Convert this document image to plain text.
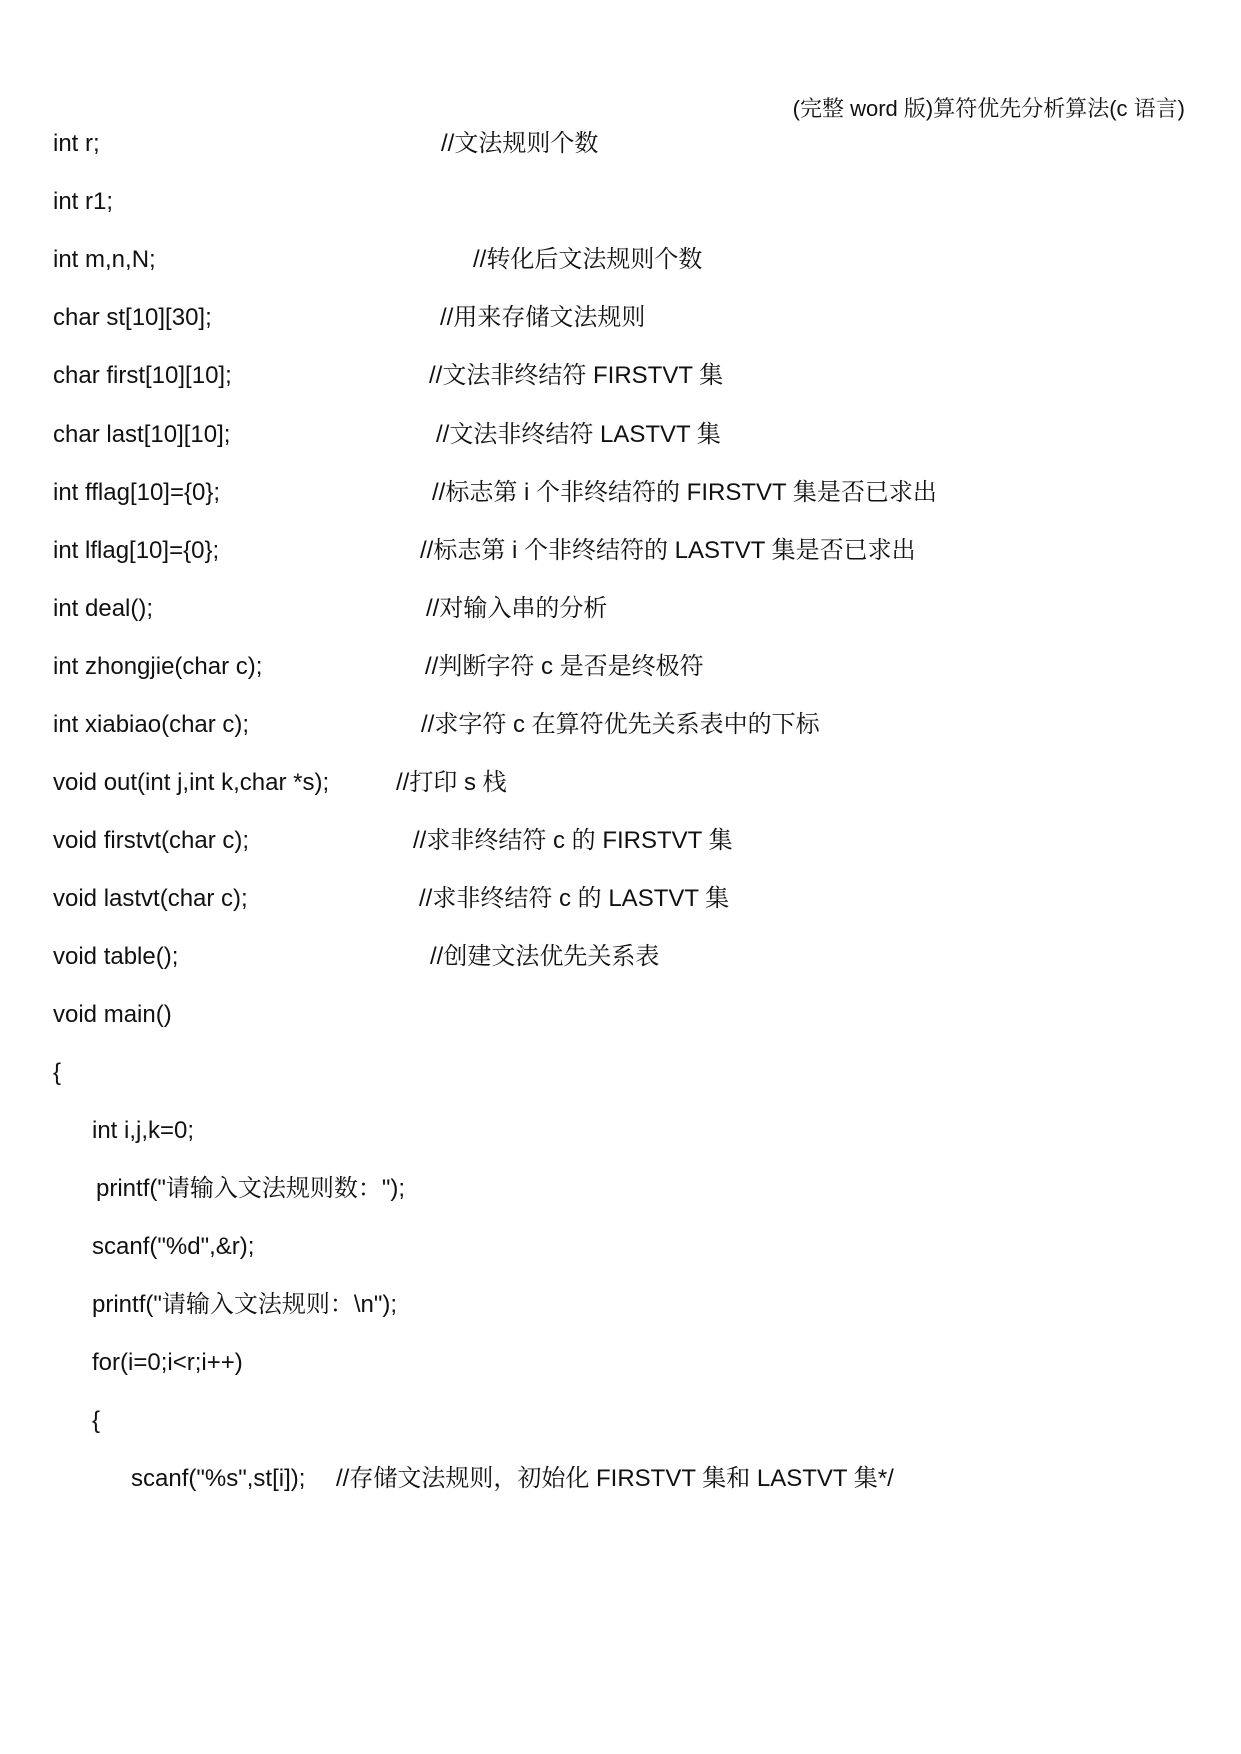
(完整 word 版)算符优先分析算法(c 语言)

int r;

	//文法规则个数

int r1;

int m,n,N;

	//转化后文法规则个数

char st[10][30];

	//用来存储文法规则

char first[10][10];

	//文法非终结符 FIRSTVT 集

char last[10][10];

	//文法非终结符 LASTVT 集

int fflag[10]={0};

	//标志第 i 个非终结符的 FIRSTVT 集是否已求出

int lflag[10]={0};

	//标志第 i 个非终结符的 LASTVT 集是否已求出

int deal();

	//对输入串的分析

int zhongjie(char c);

	//判断字符 c 是否是终极符

int xiabiao(char c);

	//求字符 c 在算符优先关系表中的下标

void out(int j,int k,char *s);

	//打印 s 栈

void firstvt(char c);

	//求非终结符 c 的 FIRSTVT 集

void lastvt(char c);

	//求非终结符 c 的 LASTVT 集

void table();

	//创建文法优先关系表

void main()

{

int i,j,k=0;

printf("请输入文法规则数：");

scanf("%d",&r);

printf("请输入文法规则：\n");

for(i=0;i<r;i++)

{

scanf("%s",st[i]);

//存储文法规则，初始化 FIRSTVT 集和 LASTVT 集*/
